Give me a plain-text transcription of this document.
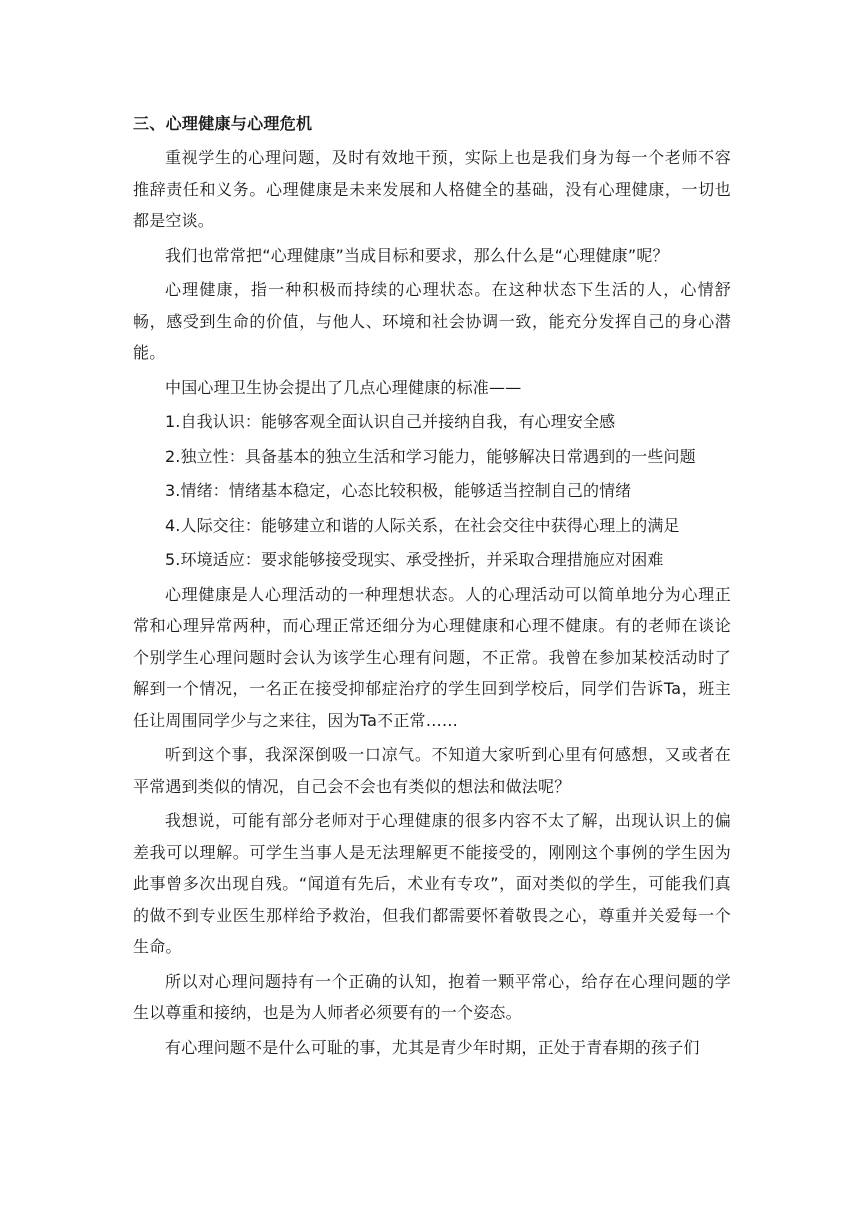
三、心理健康与心理危机

重视学生的心理问题，及时有效地干预，实际上也是我们身为每一个老师不容推辞责任和义务。心理健康是未来发展和人格健全的基础，没有心理健康，一切也都是空谈。

我们也常常把“心理健康”当成目标和要求，那么什么是“心理健康”呢？

心理健康，指一种积极而持续的心理状态。在这种状态下生活的人，心情舒畅，感受到生命的价值，与他人、环境和社会协调一致，能充分发挥自己的身心潜能。

中国心理卫生协会提出了几点心理健康的标准——

1.自我认识：能够客观全面认识自己并接纳自我，有心理安全感
2.独立性：具备基本的独立生活和学习能力，能够解决日常遇到的一些问题
3.情绪：情绪基本稳定，心态比较积极，能够适当控制自己的情绪
4.人际交往：能够建立和谐的人际关系，在社会交往中获得心理上的满足
5.环境适应：要求能够接受现实、承受挫折，并采取合理措施应对困难

心理健康是人心理活动的一种理想状态。人的心理活动可以简单地分为心理正常和心理异常两种，而心理正常还细分为心理健康和心理不健康。有的老师在谈论个别学生心理问题时会认为该学生心理有问题，不正常。我曾在参加某校活动时了解到一个情况，一名正在接受抑郁症治疗的学生回到学校后，同学们告诉Ta，班主任让周围同学少与之来往，因为Ta不正常……

听到这个事，我深深倒吸一口凉气。不知道大家听到心里有何感想，又或者在平常遇到类似的情况，自己会不会也有类似的想法和做法呢？

我想说，可能有部分老师对于心理健康的很多内容不太了解，出现认识上的偏差我可以理解。可学生当事人是无法理解更不能接受的，刚刚这个事例的学生因为此事曾多次出现自残。“闻道有先后，术业有专攻”，面对类似的学生，可能我们真的做不到专业医生那样给予救治，但我们都需要怀着敬畏之心，尊重并关爱每一个生命。

所以对心理问题持有一个正确的认知，抱着一颗平常心，给存在心理问题的学生以尊重和接纳，也是为人师者必须要有的一个姿态。

有心理问题不是什么可耻的事，尤其是青少年时期，正处于青春期的孩子们
